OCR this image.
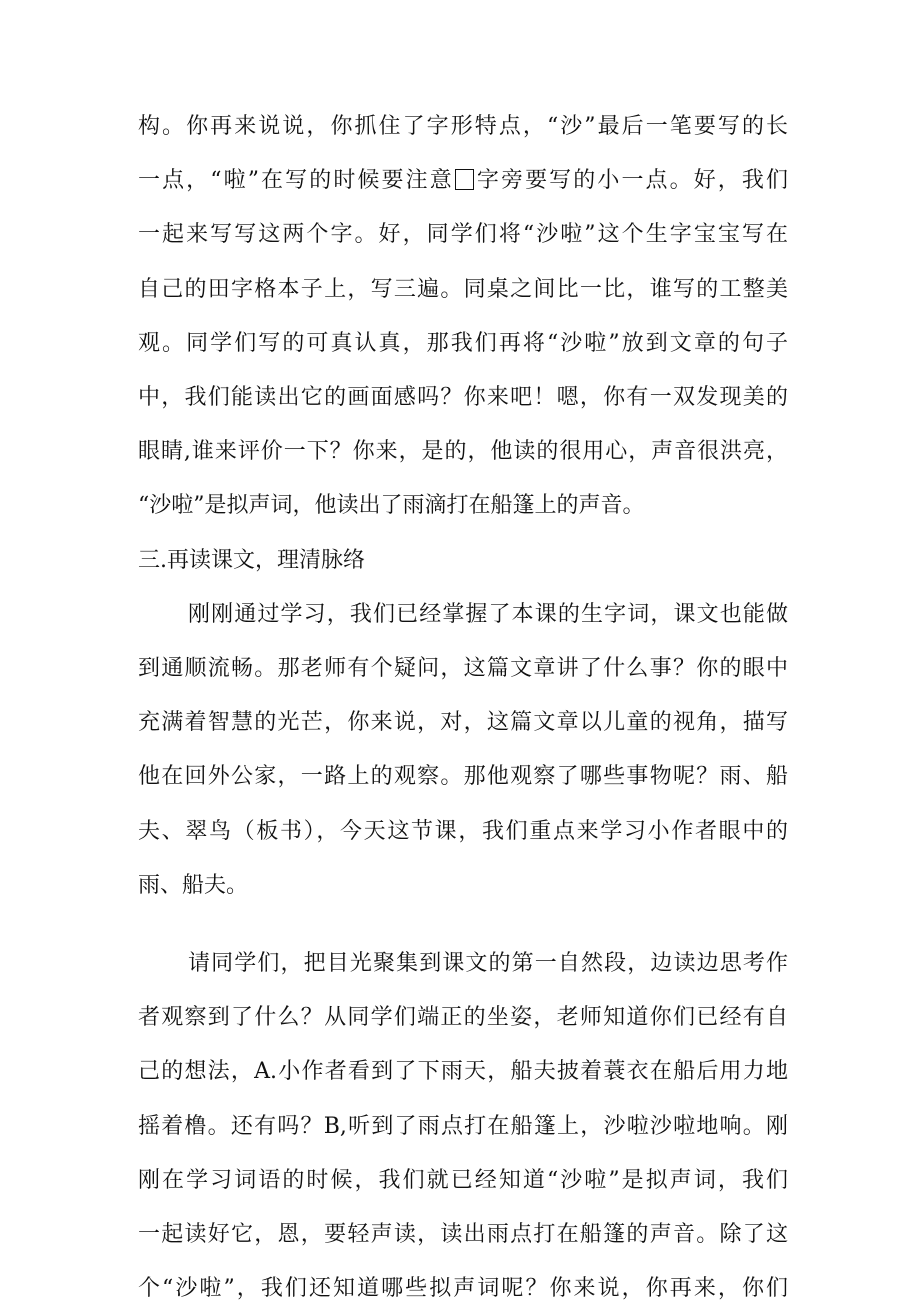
构。你再来说说，你抓住了字形特点，“沙”最后一笔要写的长
一点，“啦”在写的时候要注意 字旁要写的小一点。好，我们
一起来写写这两个字。好，同学们将“沙啦”这个生字宝宝写在
自己的田字格本子上，写三遍。同桌之间比一比，谁写的工整美
观。同学们写的可真认真，那我们再将“沙啦”放到文章的句子
中，我们能读出它的画面感吗？你来吧！嗯，你有一双发现美的
眼睛,谁来评价一下？你来，是的，他读的很用心，声音很洪亮，
“沙啦”是拟声词，他读出了雨滴打在船篷上的声音。
三.再读课文，理清脉络
刚刚通过学习，我们已经掌握了本课的生字词，课文也能做
到通顺流畅。那老师有个疑问，这篇文章讲了什么事？你的眼中
充满着智慧的光芒，你来说，对，这篇文章以儿童的视角，描写
他在回外公家，一路上的观察。那他观察了哪些事物呢？雨、船
夫、翠鸟（板书），今天这节课，我们重点来学习小作者眼中的
雨、船夫。
请同学们，把目光聚集到课文的第一自然段，边读边思考作
者观察到了什么？从同学们端正的坐姿，老师知道你们已经有自
己的想法，A.小作者看到了下雨天，船夫披着蓑衣在船后用力地
摇着橹。还有吗？B,听到了雨点打在船篷上，沙啦沙啦地响。刚
刚在学习词语的时候，我们就已经知道“沙啦”是拟声词，我们
一起读好它，恩，要轻声读，读出雨点打在船篷的声音。除了这
个“沙啦”，我们还知道哪些拟声词呢？你来说，你再来，你们
